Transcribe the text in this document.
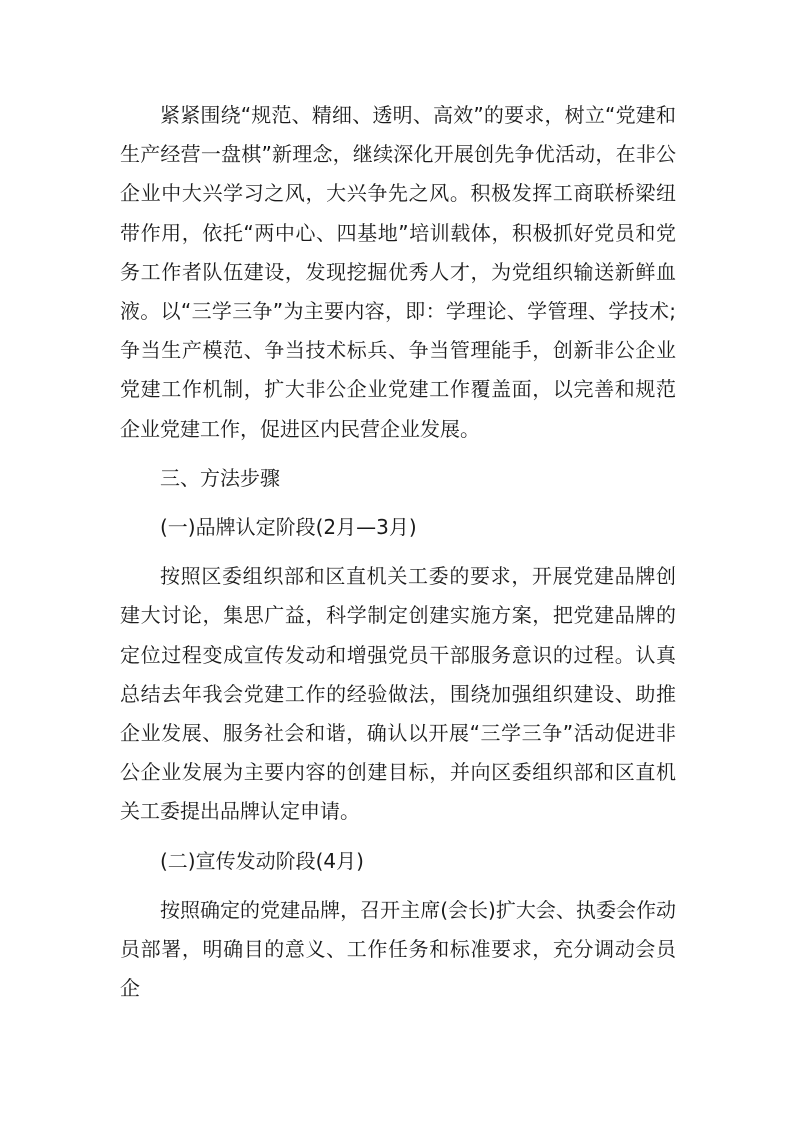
紧紧围绕“规范、精细、透明、高效”的要求，树立“党建和生产经营一盘棋”新理念，继续深化开展创先争优活动，在非公企业中大兴学习之风，大兴争先之风。积极发挥工商联桥梁纽带作用，依托“两中心、四基地”培训载体，积极抓好党员和党务工作者队伍建设，发现挖掘优秀人才，为党组织输送新鲜血液。以“三学三争”为主要内容，即：学理论、学管理、学技术;争当生产模范、争当技术标兵、争当管理能手，创新非公企业党建工作机制，扩大非公企业党建工作覆盖面，以完善和规范企业党建工作，促进区内民营企业发展。

三、方法步骤

(一)品牌认定阶段(2月—3月)

按照区委组织部和区直机关工委的要求，开展党建品牌创建大讨论，集思广益，科学制定创建实施方案，把党建品牌的定位过程变成宣传发动和增强党员干部服务意识的过程。认真总结去年我会党建工作的经验做法，围绕加强组织建设、助推企业发展、服务社会和谐，确认以开展“三学三争”活动促进非公企业发展为主要内容的创建目标，并向区委组织部和区直机关工委提出品牌认定申请。

(二)宣传发动阶段(4月)

按照确定的党建品牌，召开主席(会长)扩大会、执委会作动员部署，明确目的意义、工作任务和标准要求，充分调动会员企
